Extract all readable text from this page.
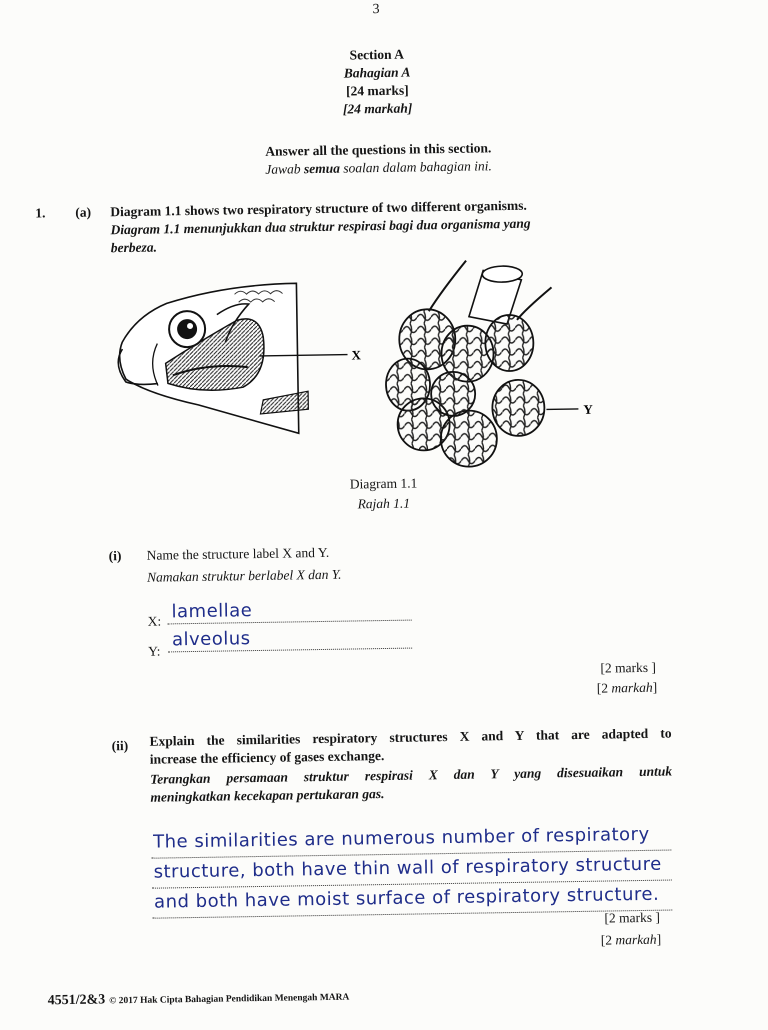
3
Section A
Bahagian A
[24 marks]
[24 markah]
Answer all the questions in this section.
Jawab semua soalan dalam bahagian ini.
1. (a) Diagram 1.1 shows two respiratory structure of two different organisms.
Diagram 1.1 menunjukkan dua struktur respirasi bagi dua organisma yang
berbeza.
X
Y
Diagram 1.1
Rajah 1.1
(i) Name the structure label X and Y.
Namakan struktur berlabel X dan Y.
X: lamellae
Y:
alveolus
[2 marks ]
[2 markah]
(ii) Explain the similarities respiratory structures X and Y that are adapted to
increase the efficiency of gases exchange.
Terangkan persamaan struktur respirasi X dan Y yang disesuaikan untuk
meningkatkan kecekapan pertukaran gas.
The similarities are numerous number of respiratory
structure, both have thin wall of respiratory structure
and both have moist surface of respiratory structure.
[2 marks ]
[2 markah]
4551/2&3 © 2017 Hak Cipta Bahagian Pendidikan Menengah MARA
